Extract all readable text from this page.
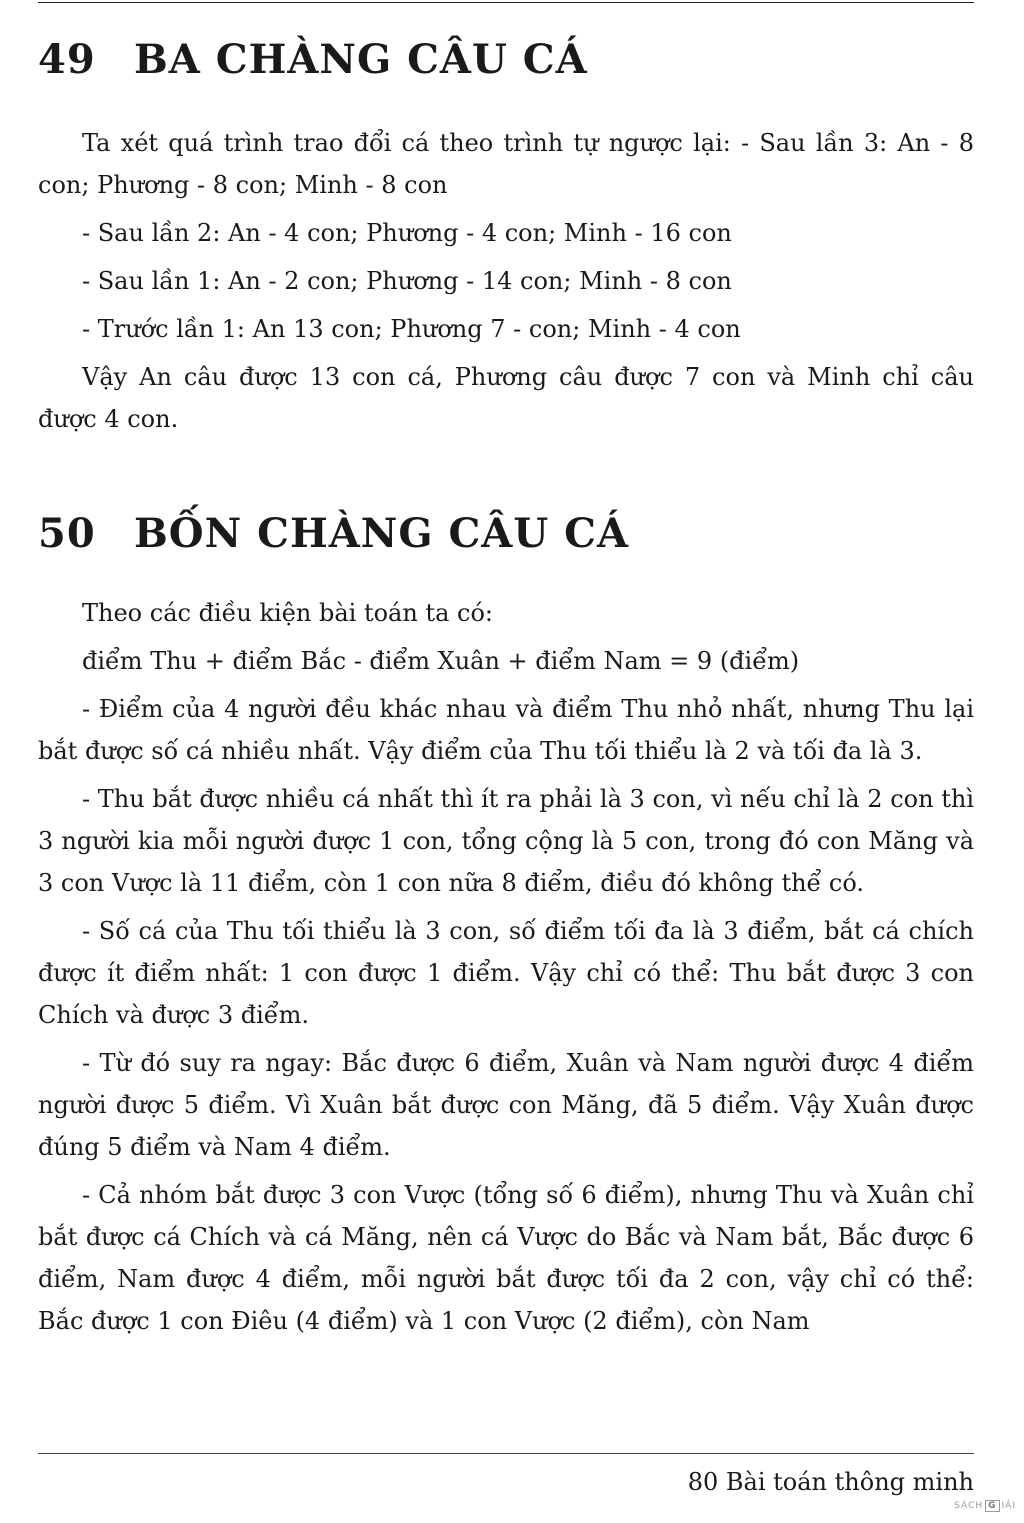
49 BA CHÀNG CÂU CÁ

Ta xét quá trình trao đổi cá theo trình tự ngược lại: - Sau lần 3: An - 8 con; Phương - 8 con; Minh - 8 con

- Sau lần 2: An - 4 con; Phương - 4 con; Minh - 16 con

- Sau lần 1: An - 2 con; Phương - 14 con; Minh - 8 con

- Trước lần 1: An 13 con; Phương 7 - con; Minh - 4 con

Vậy An câu được 13 con cá, Phương câu được 7 con và Minh chỉ câu được 4 con.

50 BỐN CHÀNG CÂU CÁ

Theo các điều kiện bài toán ta có:

điểm Thu + điểm Bắc - điểm Xuân + điểm Nam = 9 (điểm)

- Điểm của 4 người đều khác nhau và điểm Thu nhỏ nhất, nhưng Thu lại bắt được số cá nhiều nhất. Vậy điểm của Thu tối thiểu là 2 và tối đa là 3.

- Thu bắt được nhiều cá nhất thì ít ra phải là 3 con, vì nếu chỉ là 2 con thì 3 người kia mỗi người được 1 con, tổng cộng là 5 con, trong đó con Măng và 3 con Vược là 11 điểm, còn 1 con nữa 8 điểm, điều đó không thể có.

- Số cá của Thu tối thiểu là 3 con, số điểm tối đa là 3 điểm, bắt cá chích được ít điểm nhất: 1 con được 1 điểm. Vậy chỉ có thể: Thu bắt được 3 con Chích và được 3 điểm.

- Từ đó suy ra ngay: Bắc được 6 điểm, Xuân và Nam người được 4 điểm người được 5 điểm. Vì Xuân bắt được con Măng, đã 5 điểm. Vậy Xuân được đúng 5 điểm và Nam 4 điểm.

- Cả nhóm bắt được 3 con Vược (tổng số 6 điểm), nhưng Thu và Xuân chỉ bắt được cá Chích và cá Măng, nên cá Vược do Bắc và Nam bắt, Bắc được 6 điểm, Nam được 4 điểm, mỗi người bắt được tối đa 2 con, vậy chỉ có thể: Bắc được 1 con Điêu (4 điểm) và 1 con Vược (2 điểm), còn Nam

80 Bài toán thông minh
SÁCH G IẢI
